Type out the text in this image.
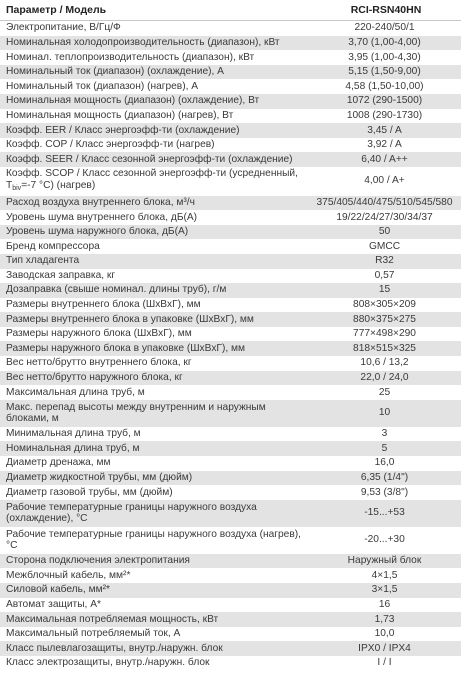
Параметр / Модель	RCI-RSN40HN
Электропитание, В/Гц/Ф	220-240/50/1
Номинальная холодопроизводительность (диапазон), кВт	3,70 (1,00-4,00)
Номинал. теплопроизводительность (диапазон), кВт	3,95 (1,00-4,30)
Номинальный ток (диапазон) (охлаждение), А	5,15 (1,50-9,00)
Номинальный ток (диапазон) (нагрев), А	4,58 (1,50-10,00)
Номинальная мощность (диапазон) (охлаждение), Вт	1072 (290-1500)
Номинальная мощность (диапазон) (нагрев), Вт	1008 (290-1730)
Коэфф. EER / Класс энергоэфф-ти (охлаждение)	3,45 / A
Коэфф. COP / Класс энергоэфф-ти (нагрев)	3,92 / A
Коэфф. SEER / Класс сезонной энергоэфф-ти (охлаждение)	6,40 / A++
Коэфф. SCOP / Класс сезонной энергоэфф-ти (усредненный, $T_{biv}=-7$ °C) (нагрев)	4,00 / A+
Расход воздуха внутреннего блока, м³/ч	375/405/440/475/510/545/580
Уровень шума внутреннего блока, дБ(А)	19/22/24/27/30/34/37
Уровень шума наружного блока, дБ(А)	50
Бренд компрессора	GMCC
Тип хладагента	R32
Заводская заправка, кг	0,57
Дозаправка (свыше номинал. длины труб), г/м	15
Размеры внутреннего блока (ШхВхГ), мм	808×305×209
Размеры внутреннего блока в упаковке (ШхВхГ), мм	880×375×275
Размеры наружного блока (ШхВхГ), мм	777×498×290
Размеры наружного блока в упаковке (ШхВхГ), мм	818×515×325
Вес нетто/брутто внутреннего блока, кг	10,6 / 13,2
Вес нетто/брутто наружного блока, кг	22,0 / 24,0
Максимальная длина труб, м	25
Макс. перепад высоты между внутренним и наружным блоками, м	10
Минимальная длина труб, м	3
Номинальная длина труб, м	5
Диаметр дренажа, мм	16,0
Диаметр жидкостной трубы, мм (дюйм)	6,35 (1/4")
Диаметр газовой трубы, мм (дюйм)	9,53 (3/8")
Рабочие температурные границы наружного воздуха (охлаждение), °C	-15...+53
Рабочие температурные границы наружного воздуха (нагрев), °C	-20...+30
Сторона подключения электропитания	Наружный блок
Межблочный кабель, мм²*	4×1,5
Силовой кабель, мм²*	3×1,5
Автомат защиты, А*	16
Максимальная потребляемая мощность, кВт	1,73
Максимальный потребляемый ток, А	10,0
Класс пылевлагозащиты, внутр./наружн. блок	IPX0 / IPX4
Класс электрозащиты, внутр./наружн. блок	I / I
